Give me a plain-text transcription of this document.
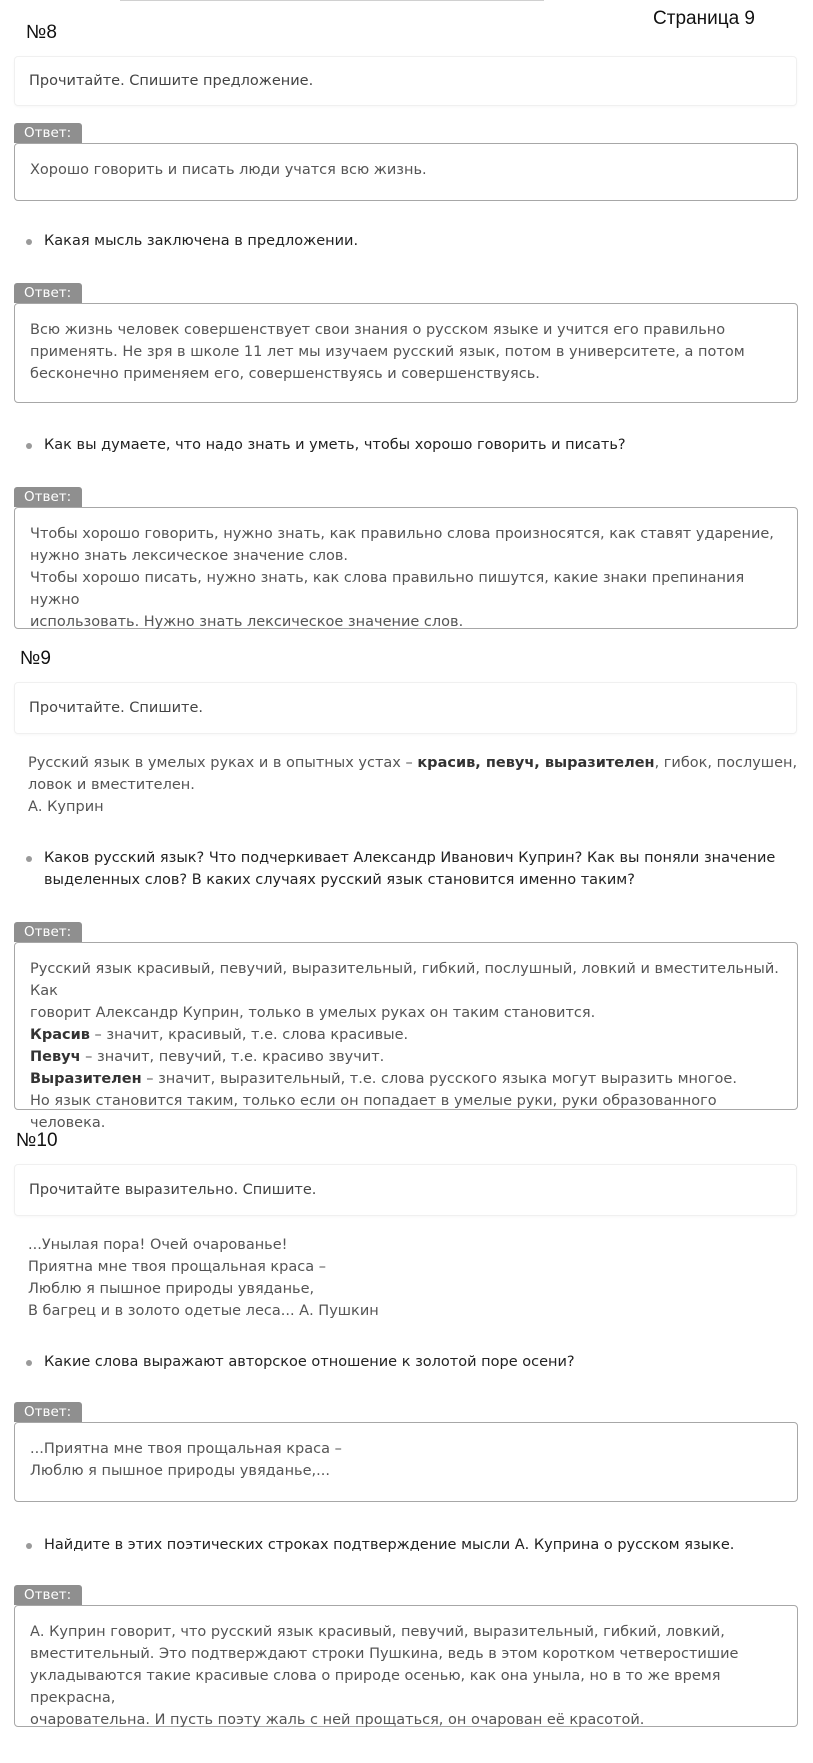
Страница 9
№8
Прочитайте. Спишите предложение.
Ответ:
Хорошо говорить и писать люди учатся всю жизнь.
Какая мысль заключена в предложении.
Ответ:
Всю жизнь человек совершенствует свои знания о русском языке и учится его правильно
применять. Не зря в школе 11 лет мы изучаем русский язык, потом в университете, а потом
бесконечно применяем его, совершенствуясь и совершенствуясь.
Как вы думаете, что надо знать и уметь, чтобы хорошо говорить и писать?
Ответ:
Чтобы хорошо говорить, нужно знать, как правильно слова произносятся, как ставят ударение,
нужно знать лексическое значение слов.
Чтобы хорошо писать, нужно знать, как слова правильно пишутся, какие знаки препинания нужно
использовать. Нужно знать лексическое значение слов.
№9
Прочитайте. Спишите.
Русский язык в умелых руках и в опытных устах – красив, певуч, выразителен, гибок, послушен,
ловок и вместителен.
А. Куприн
Каков русский язык? Что подчеркивает Александр Иванович Куприн? Как вы поняли значение
выделенных слов? В каких случаях русский язык становится именно таким?
Ответ:
Русский язык красивый, певучий, выразительный, гибкий, послушный, ловкий и вместительный. Как
говорит Александр Куприн, только в умелых руках он таким становится.
Красив – значит, красивый, т.е. слова красивые.
Певуч – значит, певучий, т.е. красиво звучит.
Выразителен – значит, выразительный, т.е. слова русского языка могут выразить многое.
Но язык становится таким, только если он попадает в умелые руки, руки образованного человека.
№10
Прочитайте выразительно. Спишите.
...Унылая пора! Очей очарованье!
Приятна мне твоя прощальная краса –
Люблю я пышное природы увяданье,
В багрец и в золото одетые леса... А. Пушкин
Какие слова выражают авторское отношение к золотой поре осени?
Ответ:
...Приятна мне твоя прощальная краса –
Люблю я пышное природы увяданье,...
Найдите в этих поэтических строках подтверждение мысли А. Куприна о русском языке.
Ответ:
А. Куприн говорит, что русский язык красивый, певучий, выразительный, гибкий, ловкий,
вместительный. Это подтверждают строки Пушкина, ведь в этом коротком четверостишие
укладываются такие красивые слова о природе осенью, как она уныла, но в то же время прекрасна,
очаровательна. И пусть поэту жаль с ней прощаться, он очарован её красотой.
